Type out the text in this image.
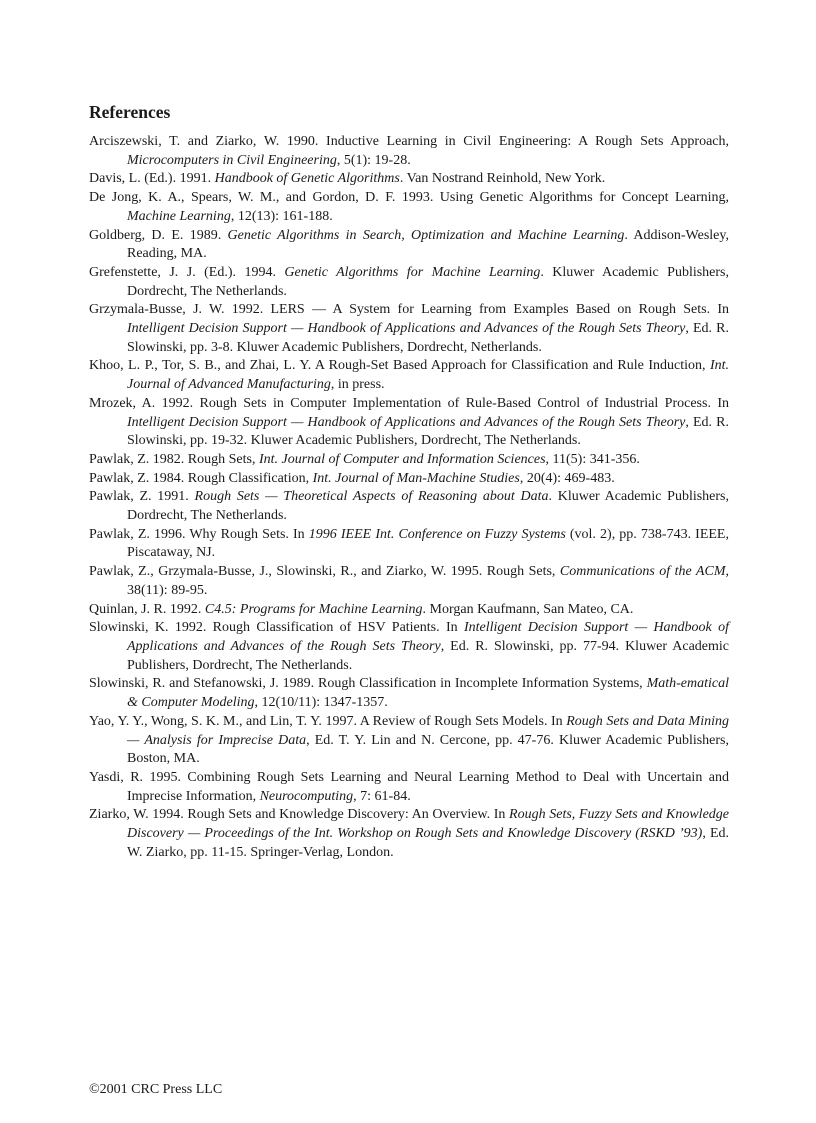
References

Arciszewski, T. and Ziarko, W. 1990. Inductive Learning in Civil Engineering: A Rough Sets Approach, Microcomputers in Civil Engineering, 5(1): 19-28.

Davis, L. (Ed.). 1991. Handbook of Genetic Algorithms. Van Nostrand Reinhold, New York.

De Jong, K. A., Spears, W. M., and Gordon, D. F. 1993. Using Genetic Algorithms for Concept Learning, Machine Learning, 12(13): 161-188.

Goldberg, D. E. 1989. Genetic Algorithms in Search, Optimization and Machine Learning. Addison-Wesley, Reading, MA.

Grefenstette, J. J. (Ed.). 1994. Genetic Algorithms for Machine Learning. Kluwer Academic Publishers, Dordrecht, The Netherlands.

Grzymala-Busse, J. W. 1992. LERS — A System for Learning from Examples Based on Rough Sets. In Intelligent Decision Support — Handbook of Applications and Advances of the Rough Sets Theory, Ed. R. Slowinski, pp. 3-8. Kluwer Academic Publishers, Dordrecht, Netherlands.

Khoo, L. P., Tor, S. B., and Zhai, L. Y. A Rough-Set Based Approach for Classification and Rule Induction, Int. Journal of Advanced Manufacturing, in press.

Mrozek, A. 1992. Rough Sets in Computer Implementation of Rule-Based Control of Industrial Process. In Intelligent Decision Support — Handbook of Applications and Advances of the Rough Sets Theory, Ed. R. Slowinski, pp. 19-32. Kluwer Academic Publishers, Dordrecht, The Netherlands.

Pawlak, Z. 1982. Rough Sets, Int. Journal of Computer and Information Sciences, 11(5): 341-356.

Pawlak, Z. 1984. Rough Classification, Int. Journal of Man-Machine Studies, 20(4): 469-483.

Pawlak, Z. 1991. Rough Sets — Theoretical Aspects of Reasoning about Data. Kluwer Academic Publishers, Dordrecht, The Netherlands.

Pawlak, Z. 1996. Why Rough Sets. In 1996 IEEE Int. Conference on Fuzzy Systems (vol. 2), pp. 738-743. IEEE, Piscataway, NJ.

Pawlak, Z., Grzymala-Busse, J., Slowinski, R., and Ziarko, W. 1995. Rough Sets, Communications of the ACM, 38(11): 89-95.

Quinlan, J. R. 1992. C4.5: Programs for Machine Learning. Morgan Kaufmann, San Mateo, CA.

Slowinski, K. 1992. Rough Classification of HSV Patients. In Intelligent Decision Support — Handbook of Applications and Advances of the Rough Sets Theory, Ed. R. Slowinski, pp. 77-94. Kluwer Academic Publishers, Dordrecht, The Netherlands.

Slowinski, R. and Stefanowski, J. 1989. Rough Classification in Incomplete Information Systems, Math-ematical & Computer Modeling, 12(10/11): 1347-1357.

Yao, Y. Y., Wong, S. K. M., and Lin, T. Y. 1997. A Review of Rough Sets Models. In Rough Sets and Data Mining — Analysis for Imprecise Data, Ed. T. Y. Lin and N. Cercone, pp. 47-76. Kluwer Academic Publishers, Boston, MA.

Yasdi, R. 1995. Combining Rough Sets Learning and Neural Learning Method to Deal with Uncertain and Imprecise Information, Neurocomputing, 7: 61-84.

Ziarko, W. 1994. Rough Sets and Knowledge Discovery: An Overview. In Rough Sets, Fuzzy Sets and Knowledge Discovery — Proceedings of the Int. Workshop on Rough Sets and Knowledge Discovery (RSKD ’93), Ed. W. Ziarko, pp. 11-15. Springer-Verlag, London.

©2001 CRC Press LLC
